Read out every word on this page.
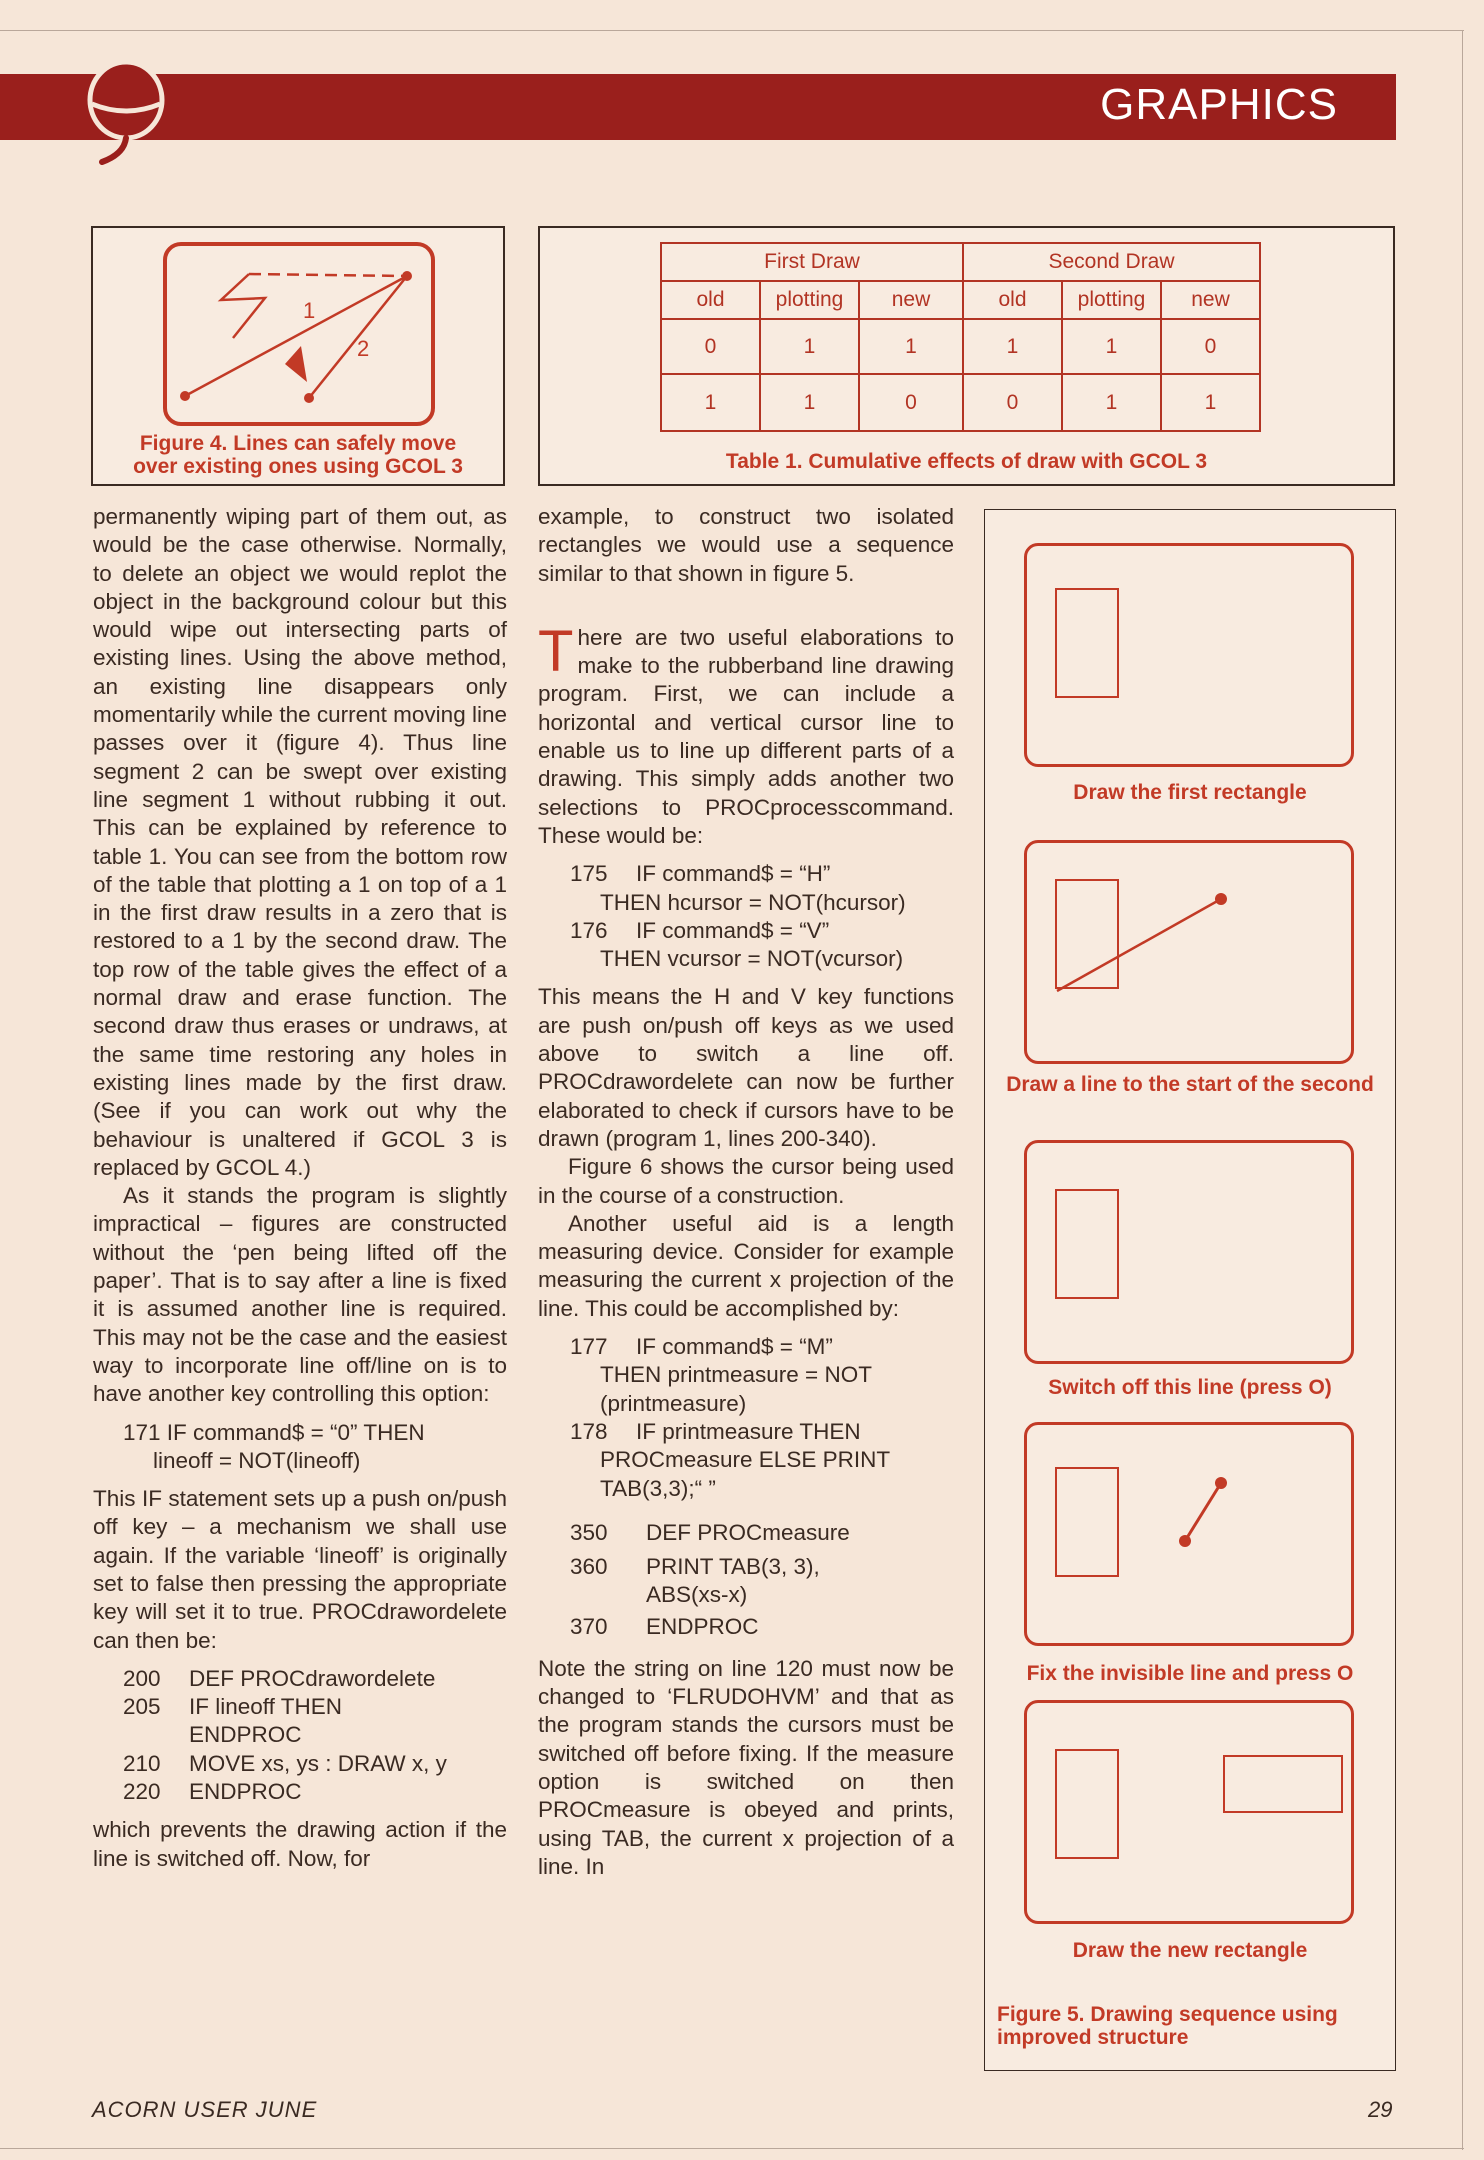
GRAPHICS
1
2
Figure 4. Lines can safely move
over existing ones using GCOL 3
First Draw			Second Draw		
old	plotting	new	old	plotting	new
0	1	1	1	1	0
1	1	0	0	1	1
Table 1. Cumulative effects of draw with GCOL 3

permanently wiping part of them out, as would be the case otherwise. Normally, to delete an object we would replot the object in the background colour but this would wipe out intersecting parts of existing lines. Using the above method, an existing line disappears only momentarily while the current moving line passes over it (figure 4). Thus line segment 2 can be swept over existing line segment 1 without rubbing it out. This can be explained by reference to table 1. You can see from the bottom row of the table that plotting a 1 on top of a 1 in the first draw results in a zero that is restored to a 1 by the second draw. The top row of the table gives the effect of a normal draw and erase function. The second draw thus erases or undraws, at the same time restoring any holes in existing lines made by the first draw. (See if you can work out why the behaviour is unaltered if GCOL 3 is replaced by GCOL 4.)

As it stands the program is slightly impractical – figures are constructed without the ‘pen being lifted off the paper’. That is to say after a line is fixed it is assumed another line is required. This may not be the case and the easiest way to incorporate line off/line on is to have another key controlling this option:

171 IF command$ = “0” THEN
lineoff = NOT(lineoff)

This IF statement sets up a push on/push off key – a mechanism we shall use again. If the variable ‘lineoff’ is originally set to false then pressing the appropriate key will set it to true. PROCdrawordelete can then be:

200	DEF PROCdrawordelete
205	IF lineoff THEN
ENDPROC
210	MOVE xs, ys : DRAW x, y
220	ENDPROC

which prevents the drawing action if the line is switched off. Now, for

example, to construct two isolated rectangles we would use a sequence similar to that shown in figure 5.

There are two useful elaborations to make to the rubberband line drawing program. First, we can include a horizontal and vertical cursor line to enable us to line up different parts of a drawing. This simply adds another two selections to PROCprocesscommand. These would be:

175	IF command$ = “H”
THEN hcursor = NOT(hcursor)
176	IF command$ = “V”
THEN vcursor = NOT(vcursor)

This means the H and V key functions are push on/push off keys as we used above to switch a line off. PROCdrawordelete can now be further elaborated to check if cursors have to be drawn (program 1, lines 200-340).

Figure 6 shows the cursor being used in the course of a construction.

Another useful aid is a length measuring device. Consider for example measuring the current x projection of the line. This could be accomplished by:

177	IF command$ = “M”
THEN printmeasure = NOT
(printmeasure)
178	IF printmeasure THEN
PROCmeasure ELSE PRINT
TAB(3,3);“ ”
350	DEF PROCmeasure
360	PRINT TAB(3, 3),
ABS(xs-x)
370	ENDPROC

Note the string on line 120 must now be changed to ‘FLRUDOHVM’ and that as the program stands the cursors must be switched off before fixing. If the measure option is switched on then PROCmeasure is obeyed and prints, using TAB, the current x projection of a line. In

Draw the first rectangle
Draw a line to the start of the second
Switch off this line (press O)
Fix the invisible line and press O
Draw the new rectangle
Figure 5. Drawing sequence using
improved structure
ACORN USER JUNE	29
